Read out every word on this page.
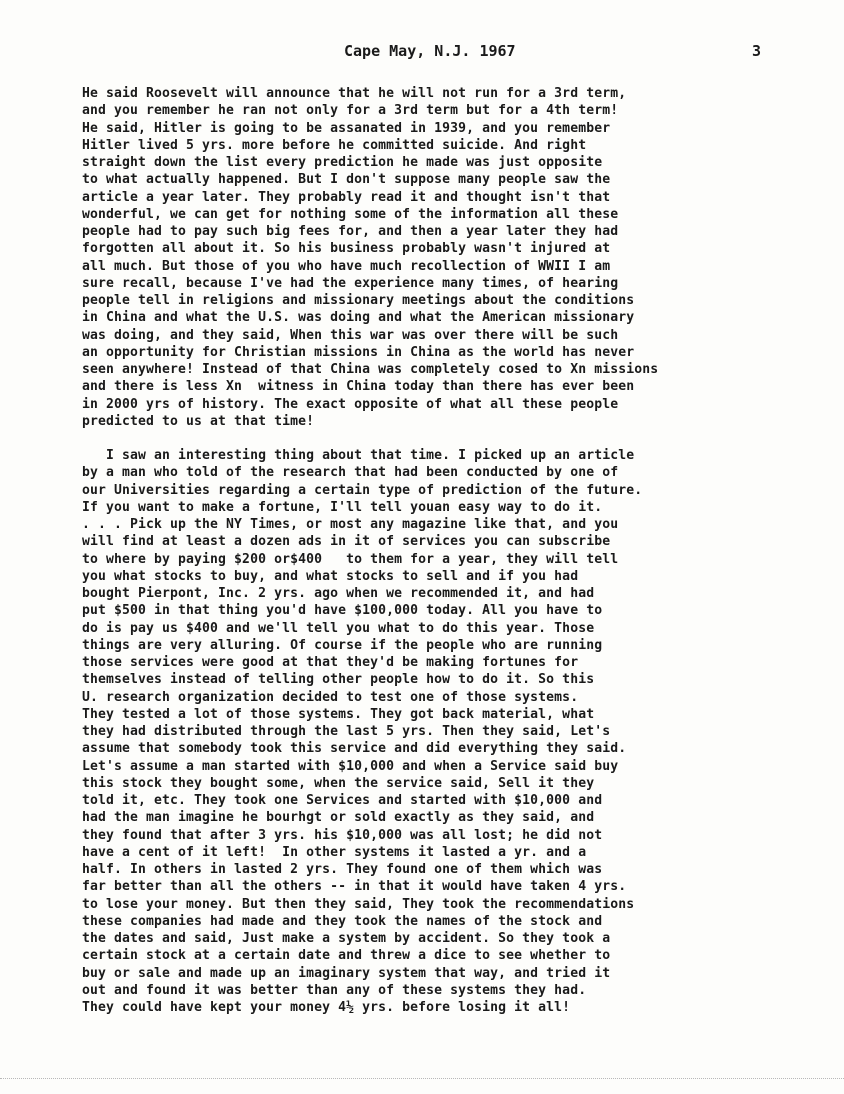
Cape May, N.J. 1967	3
He said Roosevelt will announce that he will not run for a 3rd term,
and you remember he ran not only for a 3rd term but for a 4th term!
He said, Hitler is going to be assanated in 1939, and you remember
Hitler lived 5 yrs. more before he committed suicide. And right
straight down the list every prediction he made was just opposite
to what actually happened. But I don't suppose many people saw the
article a year later. They probably read it and thought isn't that
wonderful, we can get for nothing some of the information all these
people had to pay such big fees for, and then a year later they had
forgotten all about it. So his business probably wasn't injured at
all much. But those of you who have much recollection of WWII I am
sure recall, because I've had the experience many times, of hearing
people tell in religions and missionary meetings about the conditions
in China and what the U.S. was doing and what the American missionary
was doing, and they said, When this war was over there will be such
an opportunity for Christian missions in China as the world has never
seen anywhere! Instead of that China was completely cosed to Xn missions
and there is less Xn  witness in China today than there has ever been
in 2000 yrs of history. The exact opposite of what all these people
predicted to us at that time!
I saw an interesting thing about that time. I picked up an article
by a man who told of the research that had been conducted by one of
our Universities regarding a certain type of prediction of the future.
If you want to make a fortune, I'll tell youan easy way to do it.
. . . Pick up the NY Times, or most any magazine like that, and you
will find at least a dozen ads in it of services you can subscribe
to where by paying $200 or$400   to them for a year, they will tell
you what stocks to buy, and what stocks to sell and if you had
bought Pierpont, Inc. 2 yrs. ago when we recommended it, and had
put $500 in that thing you'd have $100,000 today. All you have to
do is pay us $400 and we'll tell you what to do this year. Those
things are very alluring. Of course if the people who are running
those services were good at that they'd be making fortunes for
themselves instead of telling other people how to do it. So this
U. research organization decided to test one of those systems.
They tested a lot of those systems. They got back material, what
they had distributed through the last 5 yrs. Then they said, Let's
assume that somebody took this service and did everything they said.
Let's assume a man started with $10,000 and when a Service said buy
this stock they bought some, when the service said, Sell it they
told it, etc. They took one Services and started with $10,000 and
had the man imagine he bourhgt or sold exactly as they said, and
they found that after 3 yrs. his $10,000 was all lost; he did not
have a cent of it left!  In other systems it lasted a yr. and a
half. In others in lasted 2 yrs. They found one of them which was
far better than all the others -- in that it would have taken 4 yrs.
to lose your money. But then they said, They took the recommendations
these companies had made and they took the names of the stock and
the dates and said, Just make a system by accident. So they took a
certain stock at a certain date and threw a dice to see whether to
buy or sale and made up an imaginary system that way, and tried it
out and found it was better than any of these systems they had.
They could have kept your money 4½ yrs. before losing it all!
